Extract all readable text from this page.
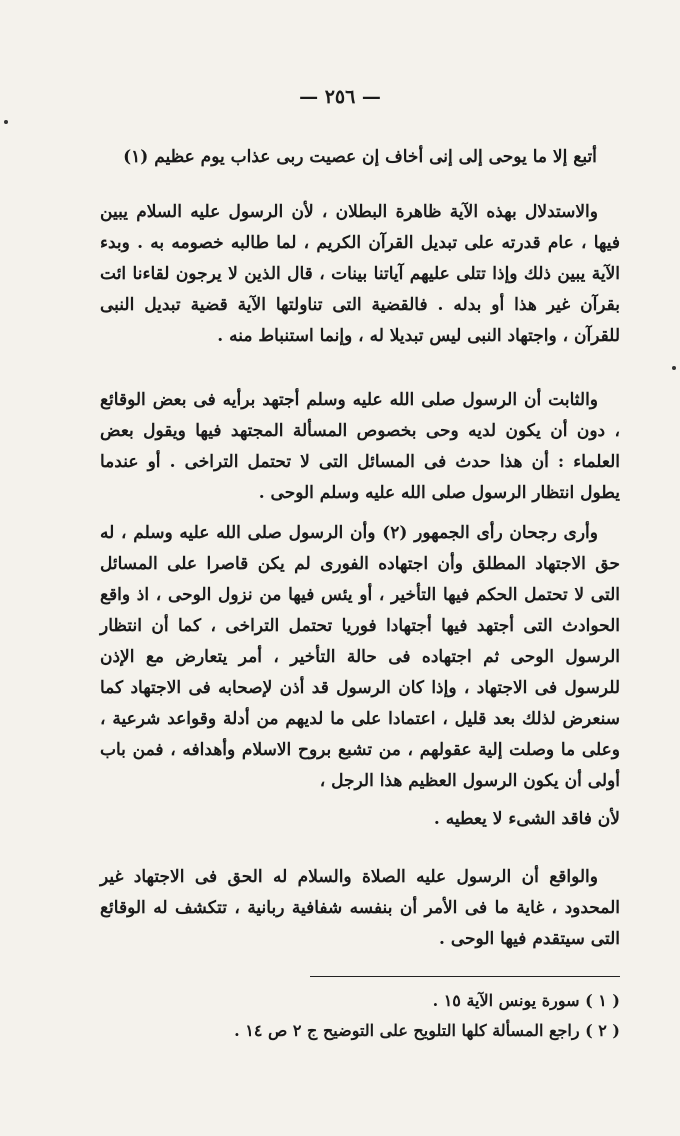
— ٢٥٦ —
أتبع إلا ما يوحى إلى إنى أخاف إن عصيت ربى عذاب يوم عظيم (١)
والاستدلال بهذه الآية ظاهرة البطلان ، لأن الرسول عليه السلام يبين فيها ، عام قدرته على تبديل القرآن الكريم ، لما طالبه خصومه به . وبدء الآية يبين ذلك وإذا تتلى عليهم آياتنا بينات ، قال الذين لا يرجون لقاءنا ائت بقرآن غير هذا أو بدله . فالقضية التى تناولتها الآية قضية تبديل النبى للقرآن ، واجتهاد النبى ليس تبديلا له ، وإنما استنباط منه .
والثابت أن الرسول صلى الله عليه وسلم أجتهد برأيه فى بعض الوقائع ، دون أن يكون لديه وحى بخصوص المسألة المجتهد فيها ويقول بعض العلماء : أن هذا حدث فى المسائل التى لا تحتمل التراخى . أو عندما يطول انتظار الرسول صلى الله عليه وسلم الوحى .
وأرى رجحان رأى الجمهور (٢) وأن الرسول صلى الله عليه وسلم ، له حق الاجتهاد المطلق وأن اجتهاده الفورى لم يكن قاصرا على المسائل التى لا تحتمل الحكم فيها التأخير ، أو يئس فيها من نزول الوحى ، اذ واقع الحوادث التى أجتهد فيها أجتهادا فوريا تحتمل التراخى ، كما أن انتظار الرسول الوحى ثم اجتهاده فى حالة التأخير ، أمر يتعارض مع الإذن للرسول فى الاجتهاد ، وإذا كان الرسول قد أذن لإصحابه فى الاجتهاد كما سنعرض لذلك بعد قليل ، اعتمادا على ما لديهم من أدلة وقواعد شرعية ، وعلى ما وصلت إلية عقولهم ، من تشبع بروح الاسلام وأهدافه ، فمن باب أولى أن يكون الرسول العظيم هذا الرجل ،
لأن فاقد الشىء لا يعطيه .
والواقع أن الرسول عليه الصلاة والسلام له الحق فى الاجتهاد غير المحدود ، غاية ما فى الأمر أن بنفسه شفافية ربانية ، تتكشف له الوقائع التى سيتقدم فيها الوحى .
( ١ ) سورة يونس الآية ١٥ .
( ٢ ) راجع المسألة كلها التلويح على التوضيح ج ٢ ص ١٤ .
